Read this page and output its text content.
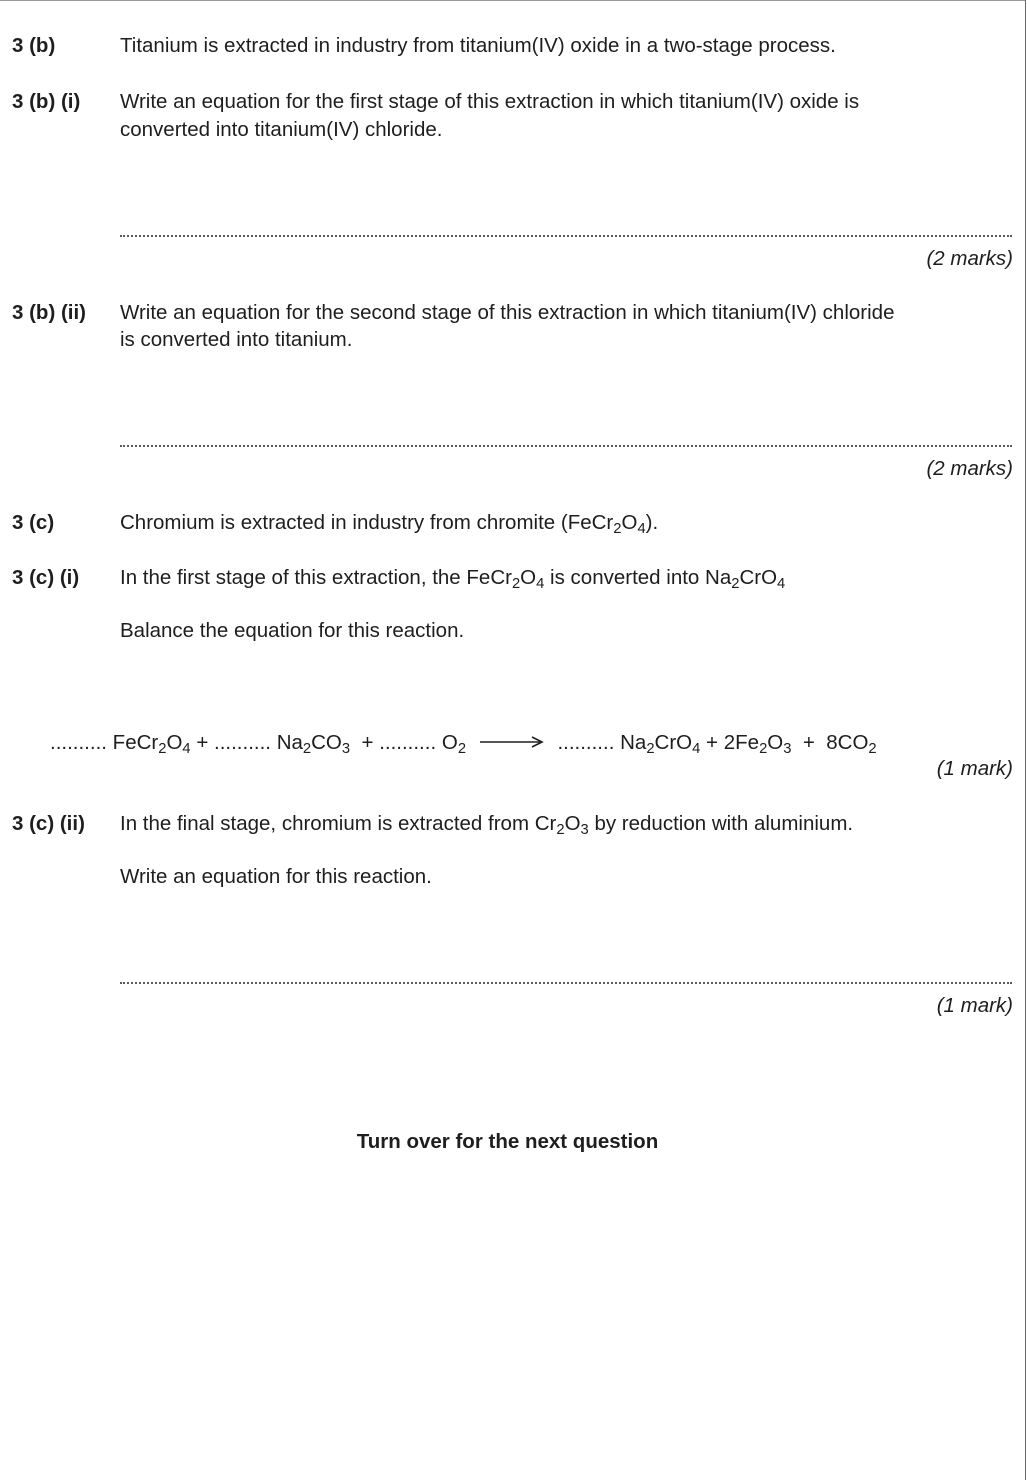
3 (b)	Titanium is extracted in industry from titanium(IV) oxide in a two-stage process.
3 (b) (i) Write an equation for the first stage of this extraction in which titanium(IV) oxide is
converted into titanium(IV) chloride.
(2 marks)
3 (b) (ii) Write an equation for the second stage of this extraction in which titanium(IV) chloride
is converted into titanium.
(2 marks)
3 (c)	Chromium is extracted in industry from chromite $(FeCr_2O_4)$.
3 (c) (i) In the first stage of this extraction, the $FeCr_2O_4$ is converted into $Na_2CrO_4$
Balance the equation for this reaction.
.......... $FeCr_2O_4$ + .......... $Na_2CO_3$ + .......... $O_2$ → .......... $Na_2CrO_4 + 2Fe_2O_3 + 8CO_2$
(1 mark)
3 (c) (ii) In the final stage, chromium is extracted from $Cr_2O_3$ by reduction with aluminium.
Write an equation for this reaction.
(1 mark)
Turn over for the next question
